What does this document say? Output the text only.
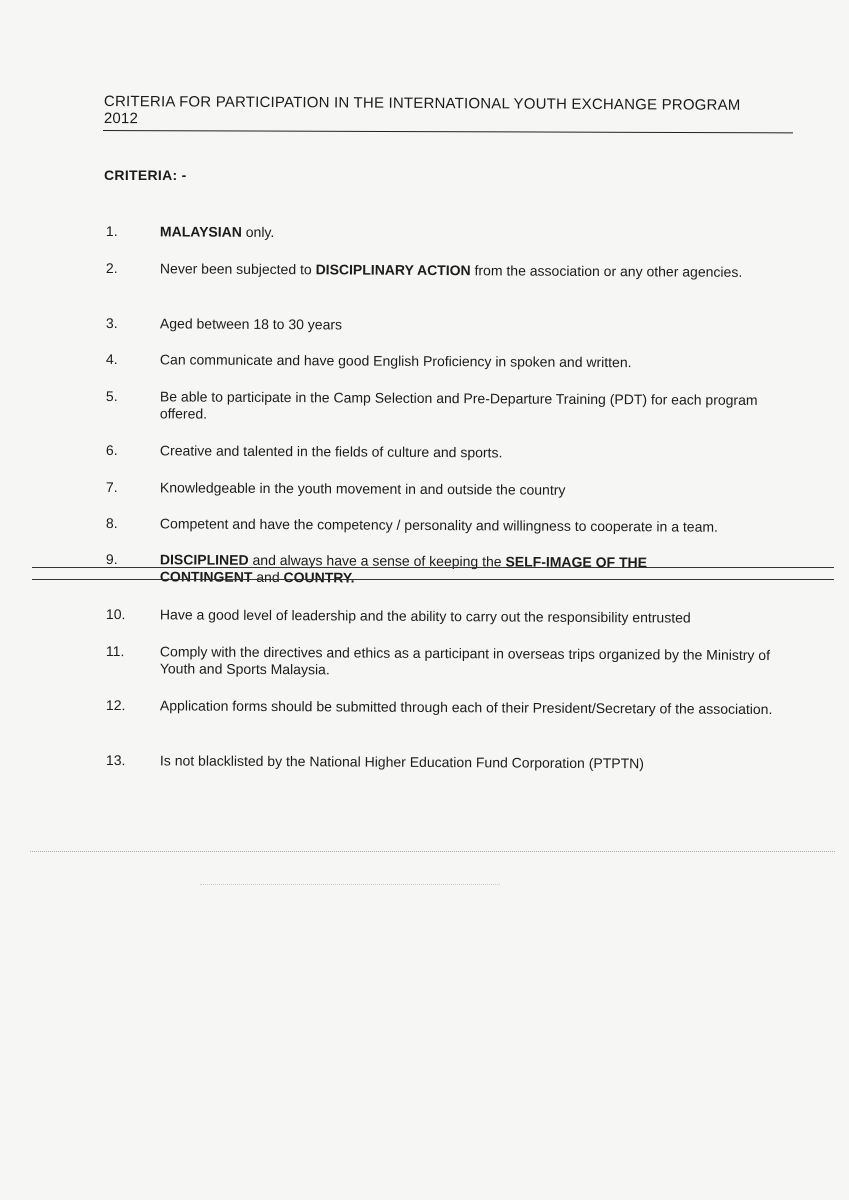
CRITERIA FOR PARTICIPATION IN THE INTERNATIONAL YOUTH EXCHANGE PROGRAM
2012
CRITERIA: -
1.	MALAYSIAN only.
2.	Never been subjected to DISCIPLINARY ACTION from the association or any other agencies.
3.	Aged between 18 to 30 years
4.	Can communicate and have good English Proficiency in spoken and written.
5.	Be able to participate in the Camp Selection and Pre-Departure Training (PDT) for each program offered.
6.	Creative and talented in the fields of culture and sports.
7.	Knowledgeable in the youth movement in and outside the country
8.	Competent and have the competency / personality and willingness to cooperate in a team.
9.	DISCIPLINED and always have a sense of keeping the SELF-IMAGE OF THE CONTINGENT and COUNTRY.
10. Have a good level of leadership and the ability to carry out the responsibility entrusted
11.	Comply with the directives and ethics as a participant in overseas trips organized by the Ministry of Youth and Sports Malaysia.
12. Application forms should be submitted through each of their President/Secretary of the association.
13. Is not blacklisted by the National Higher Education Fund Corporation (PTPTN)
